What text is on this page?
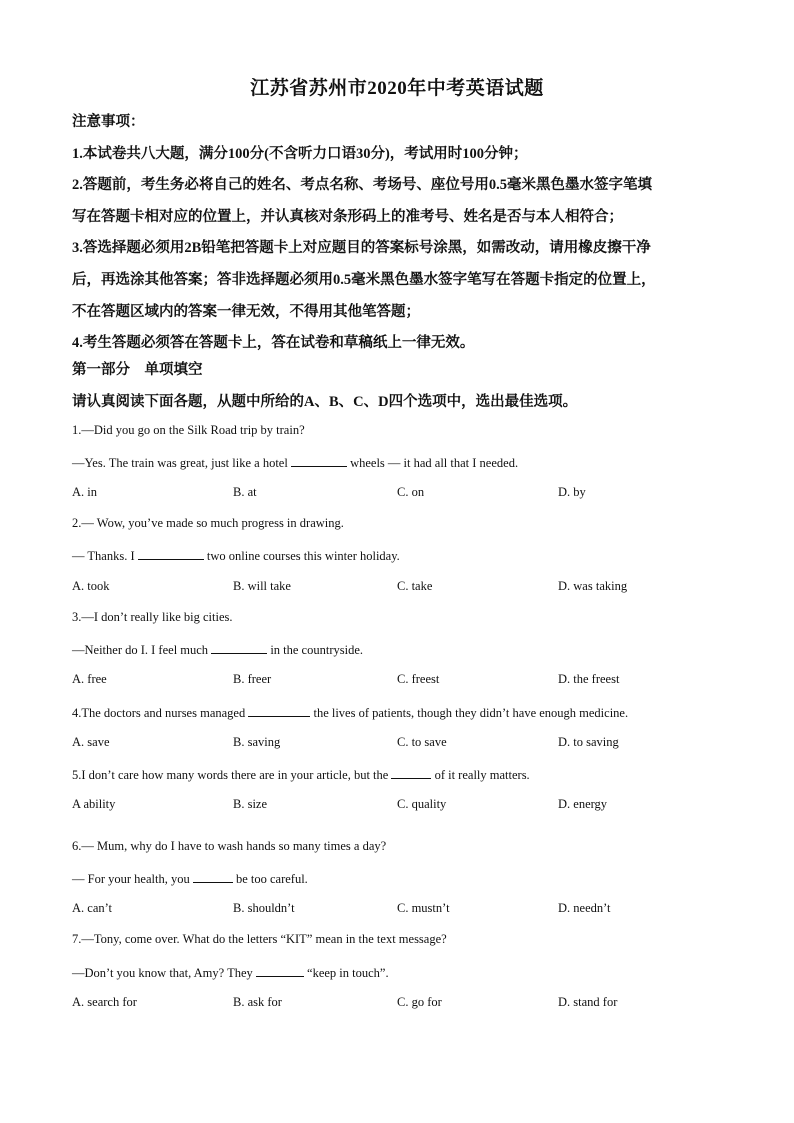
江苏省苏州市2020年中考英语试题
注意事项：
1.本试卷共八大题，满分100分(不含听力口语30分)，考试用时100分钟；
2.答题前，考生务必将自己的姓名、考点名称、考场号、座位号用0.5毫米黑色墨水签字笔填
写在答题卡相对应的位置上，并认真核对条形码上的准考号、姓名是否与本人相符合；
3.答选择题必须用2B铅笔把答题卡上对应题目的答案标号涂黑，如需改动，请用橡皮擦干净
后，再选涂其他答案；答非选择题必须用0.5毫米黑色墨水签字笔写在答题卡指定的位置上，
不在答题区域内的答案一律无效，不得用其他笔答题；
4.考生答题必须答在答题卡上，答在试卷和草稿纸上一律无效。
第一部分　单项填空
请认真阅读下面各题，从题中所给的A、B、C、D四个选项中，选出最佳选项。
1.—Did you go on the Silk Road trip by train?
—Yes. The train was great, just like a hotel	wheels — it had all that I needed.
A. in	B. at	C. on	D. by
2.— Wow, you’ve made so much progress in drawing.
— Thanks. I	two online courses this winter holiday.
A. took	B. will take	C. take	D. was taking
3.—I don’t really like big cities.
—Neither do I. I feel much	in the countryside.
A. free	B. freer	C. freest	D. the freest
4.The doctors and nurses managed	the lives of patients, though they didn’t have enough medicine.
A. save	B. saving	C. to save	D. to saving
5.I don’t care how many words there are in your article, but the	of it really matters.
A ability	B. size	C. quality	D. energy
6.— Mum, why do I have to wash hands so many times a day?
— For your health, you	be too careful.
A. can’t	B. shouldn’t	C. mustn’t	D. needn’t
7.—Tony, come over. What do the letters “KIT” mean in the text message?
—Don’t you know that, Amy? They	“keep in touch”.
A. search for	B. ask for	C. go for	D. stand for
